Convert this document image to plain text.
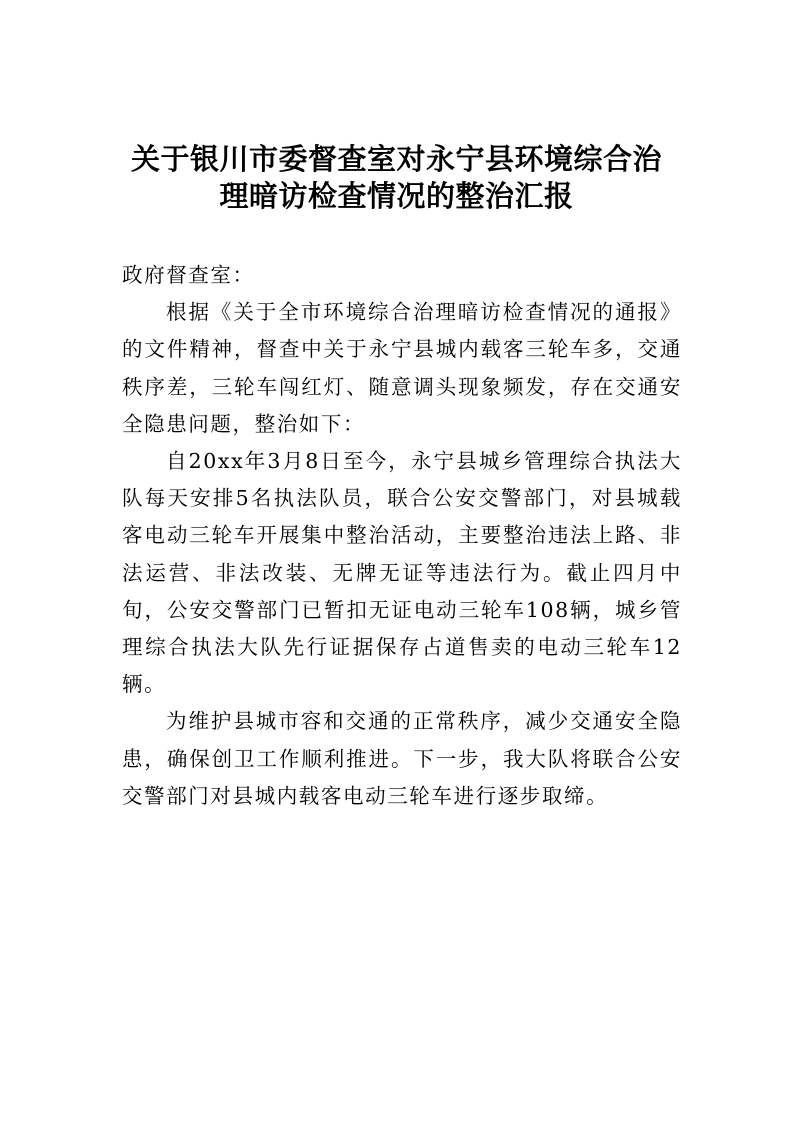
关于银川市委督查室对永宁县环境综合治
理暗访检查情况的整治汇报

政府督查室：

根据《关于全市环境综合治理暗访检查情况的通报》的文件精神，督查中关于永宁县城内载客三轮车多，交通秩序差，三轮车闯红灯、随意调头现象频发，存在交通安全隐患问题，整治如下：

自20xx年3月8日至今，永宁县城乡管理综合执法大队每天安排5名执法队员，联合公安交警部门，对县城载客电动三轮车开展集中整治活动，主要整治违法上路、非法运营、非法改装、无牌无证等违法行为。截止四月中旬，公安交警部门已暂扣无证电动三轮车108辆，城乡管理综合执法大队先行证据保存占道售卖的电动三轮车12辆。

为维护县城市容和交通的正常秩序，减少交通安全隐患，确保创卫工作顺利推进。下一步，我大队将联合公安交警部门对县城内载客电动三轮车进行逐步取缔。
